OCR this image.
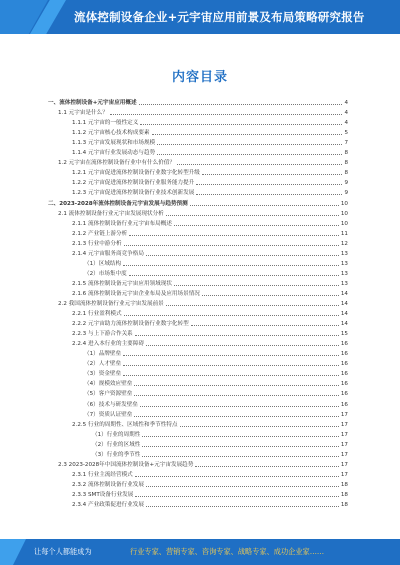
流体控制设备企业+元宇宙应用前景及布局策略研究报告
内容目录
一、流体控制设备+元宇宙应用概述	4
1.1 元宇宙是什么？	4
1.1.1 元宇宙的一般性定义	4
1.1.2 元宇宙核心技术构成要素	5
1.1.3 元宇宙发展现状和市场规模	7
1.1.4 元宇宙行业发展动态与趋势	8
1.2 元宇宙在流体控制设备行业中有什么价值？	8
1.2.1 元宇宙促进流体控制设备行业数字化转型升级	8
1.2.2 元宇宙促进流体控制设备行业服务能力提升	9
1.2.3 元宇宙促进流体控制设备行业技术创新发展	9
二、2023-2028年流体控制设备元宇宙发展与趋势预测	10
2.1 流体控制设备行业元宇宙发展现状分析	10
2.1.1 流体控制设备行业元宇宙布局概述	10
2.1.2 产业链上游分析	11
2.1.3 行业中游分析	12
2.1.4 元宇宙服务商竞争格局	13
（1）区域结构	13
（2）市场集中度	13
2.1.5 流体控制设备元宇宙应用领域现状	13
2.1.6 流体控制设备元宇宙企业布局及应用场景情况	14
2.2 我国流体控制设备行业元宇宙发展前景	14
2.2.1 行业盈利模式	14
2.2.2 元宇宙助力流体控制设备行业数字化转型	14
2.2.3 与上下游合作关系	15
2.2.4 进入本行业的主要障碍	16
（1）品牌壁垒	16
（2）人才壁垒	16
（3）资金壁垒	16
（4）规模效应壁垒	16
（5）客户资源壁垒	16
（6）技术与研发壁垒	16
（7）资质认证壁垒	17
2.2.5 行业的周期性、区域性和季节性特点	17
（1）行业的周期性	17
（2）行业的区域性	17
（3）行业的季节性	17
2.3 2023-2028年中国流体控制设备+元宇宙发展趋势	17
2.3.1 行业主流经营模式	17
2.3.2 流体控制设备行业发展	18
2.3.3 SMT设备行业发展	18
2.3.4 产业政策促进行业发展	18
让每个人都能成为	行业专家、营销专家、咨询专家、战略专家、成功企业家……
